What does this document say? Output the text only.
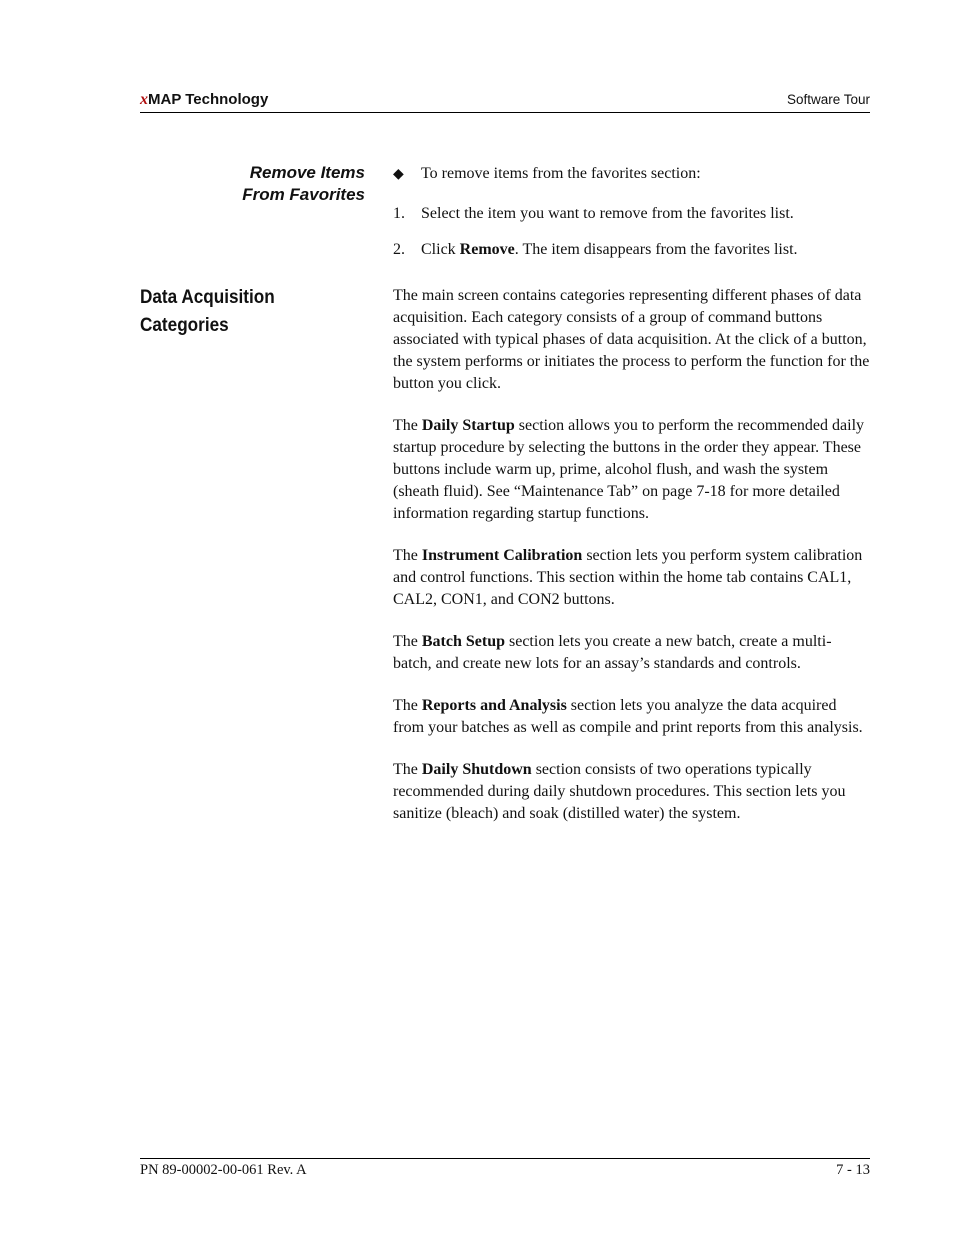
xMAP Technology	Software Tour
Remove Items
From Favorites
◆ To remove items from the favorites section:
1. Select the item you want to remove from the favorites list.
2. Click Remove. The item disappears from the favorites list.
Data Acquisition
Categories

The main screen contains categories representing different phases of data acquisition. Each category consists of a group of command buttons associated with typical phases of data acquisition. At the click of a button, the system performs or initiates the process to perform the function for the button you click.

The Daily Startup section allows you to perform the recommended daily startup procedure by selecting the buttons in the order they appear. These buttons include warm up, prime, alcohol flush, and wash the system (sheath fluid). See “Maintenance Tab” on page 7-18 for more detailed information regarding startup functions.

The Instrument Calibration section lets you perform system calibration and control functions. This section within the home tab contains CAL1, CAL2, CON1, and CON2 buttons.

The Batch Setup section lets you create a new batch, create a multi-batch, and create new lots for an assay’s standards and controls.

The Reports and Analysis section lets you analyze the data acquired from your batches as well as compile and print reports from this analysis.

The Daily Shutdown section consists of two operations typically recommended during daily shutdown procedures. This section lets you sanitize (bleach) and soak (distilled water) the system.

PN 89-00002-00-061 Rev. A	7 - 13
